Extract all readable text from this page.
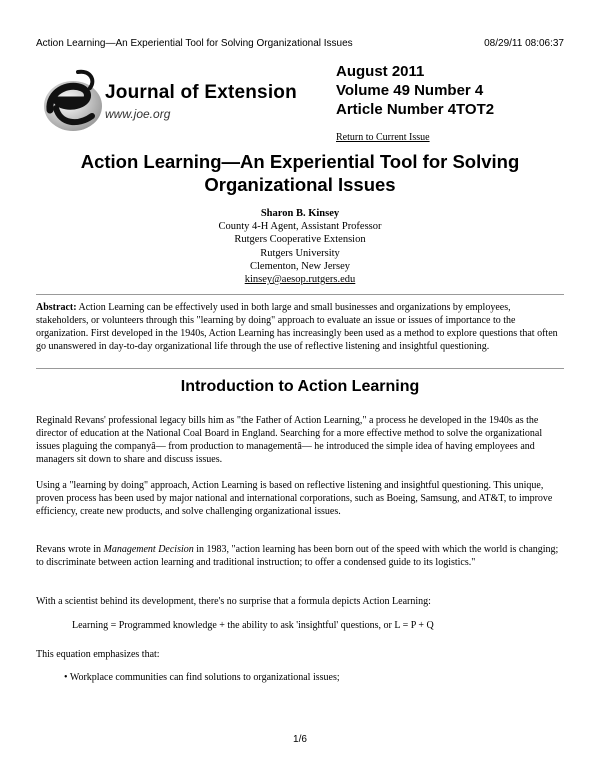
Action Learning—An Experiential Tool for Solving Organizational Issues	08/29/11 08:06:37
Journal of Extension
www.joe.org
August 2011
Volume 49 Number 4
Article Number 4TOT2
Return to Current Issue
Action Learning—An Experiential Tool for Solving Organizational Issues
Sharon B. Kinsey
County 4-H Agent, Assistant Professor
Rutgers Cooperative Extension
Rutgers University
Clementon, New Jersey
kinsey@aesop.rutgers.edu
Abstract: Action Learning can be effectively used in both large and small businesses and organizations by employees, stakeholders, or volunteers through this "learning by doing" approach to evaluate an issue or issues of importance to the organization. First developed in the 1940s, Action Learning has increasingly been used as a method to explore questions that often go unanswered in day-to-day organizational life through the use of reflective listening and insightful questioning.
Introduction to Action Learning
Reginald Revans' professional legacy bills him as "the Father of Action Learning," a process he developed in the 1940s as the director of education at the National Coal Board in England. Searching for a more effective method to solve the organizational issues plaguing the companyâ— from production to managementâ— he introduced the simple idea of having employees and managers sit down to share and discuss issues.
Using a "learning by doing" approach, Action Learning is based on reflective listening and insightful questioning. This unique, proven process has been used by major national and international corporations, such as Boeing, Samsung, and AT&T, to improve efficiency, create new products, and solve challenging organizational issues.
Revans wrote in Management Decision in 1983, "action learning has been born out of the speed with which the world is changing; to discriminate between action learning and traditional instruction; to offer a condensed guide to its logistics."
With a scientist behind its development, there's no surprise that a formula depicts Action Learning:
Learning = Programmed knowledge + the ability to ask 'insightful' questions, or L = P + Q
This equation emphasizes that:
• Workplace communities can find solutions to organizational issues;
1/6
